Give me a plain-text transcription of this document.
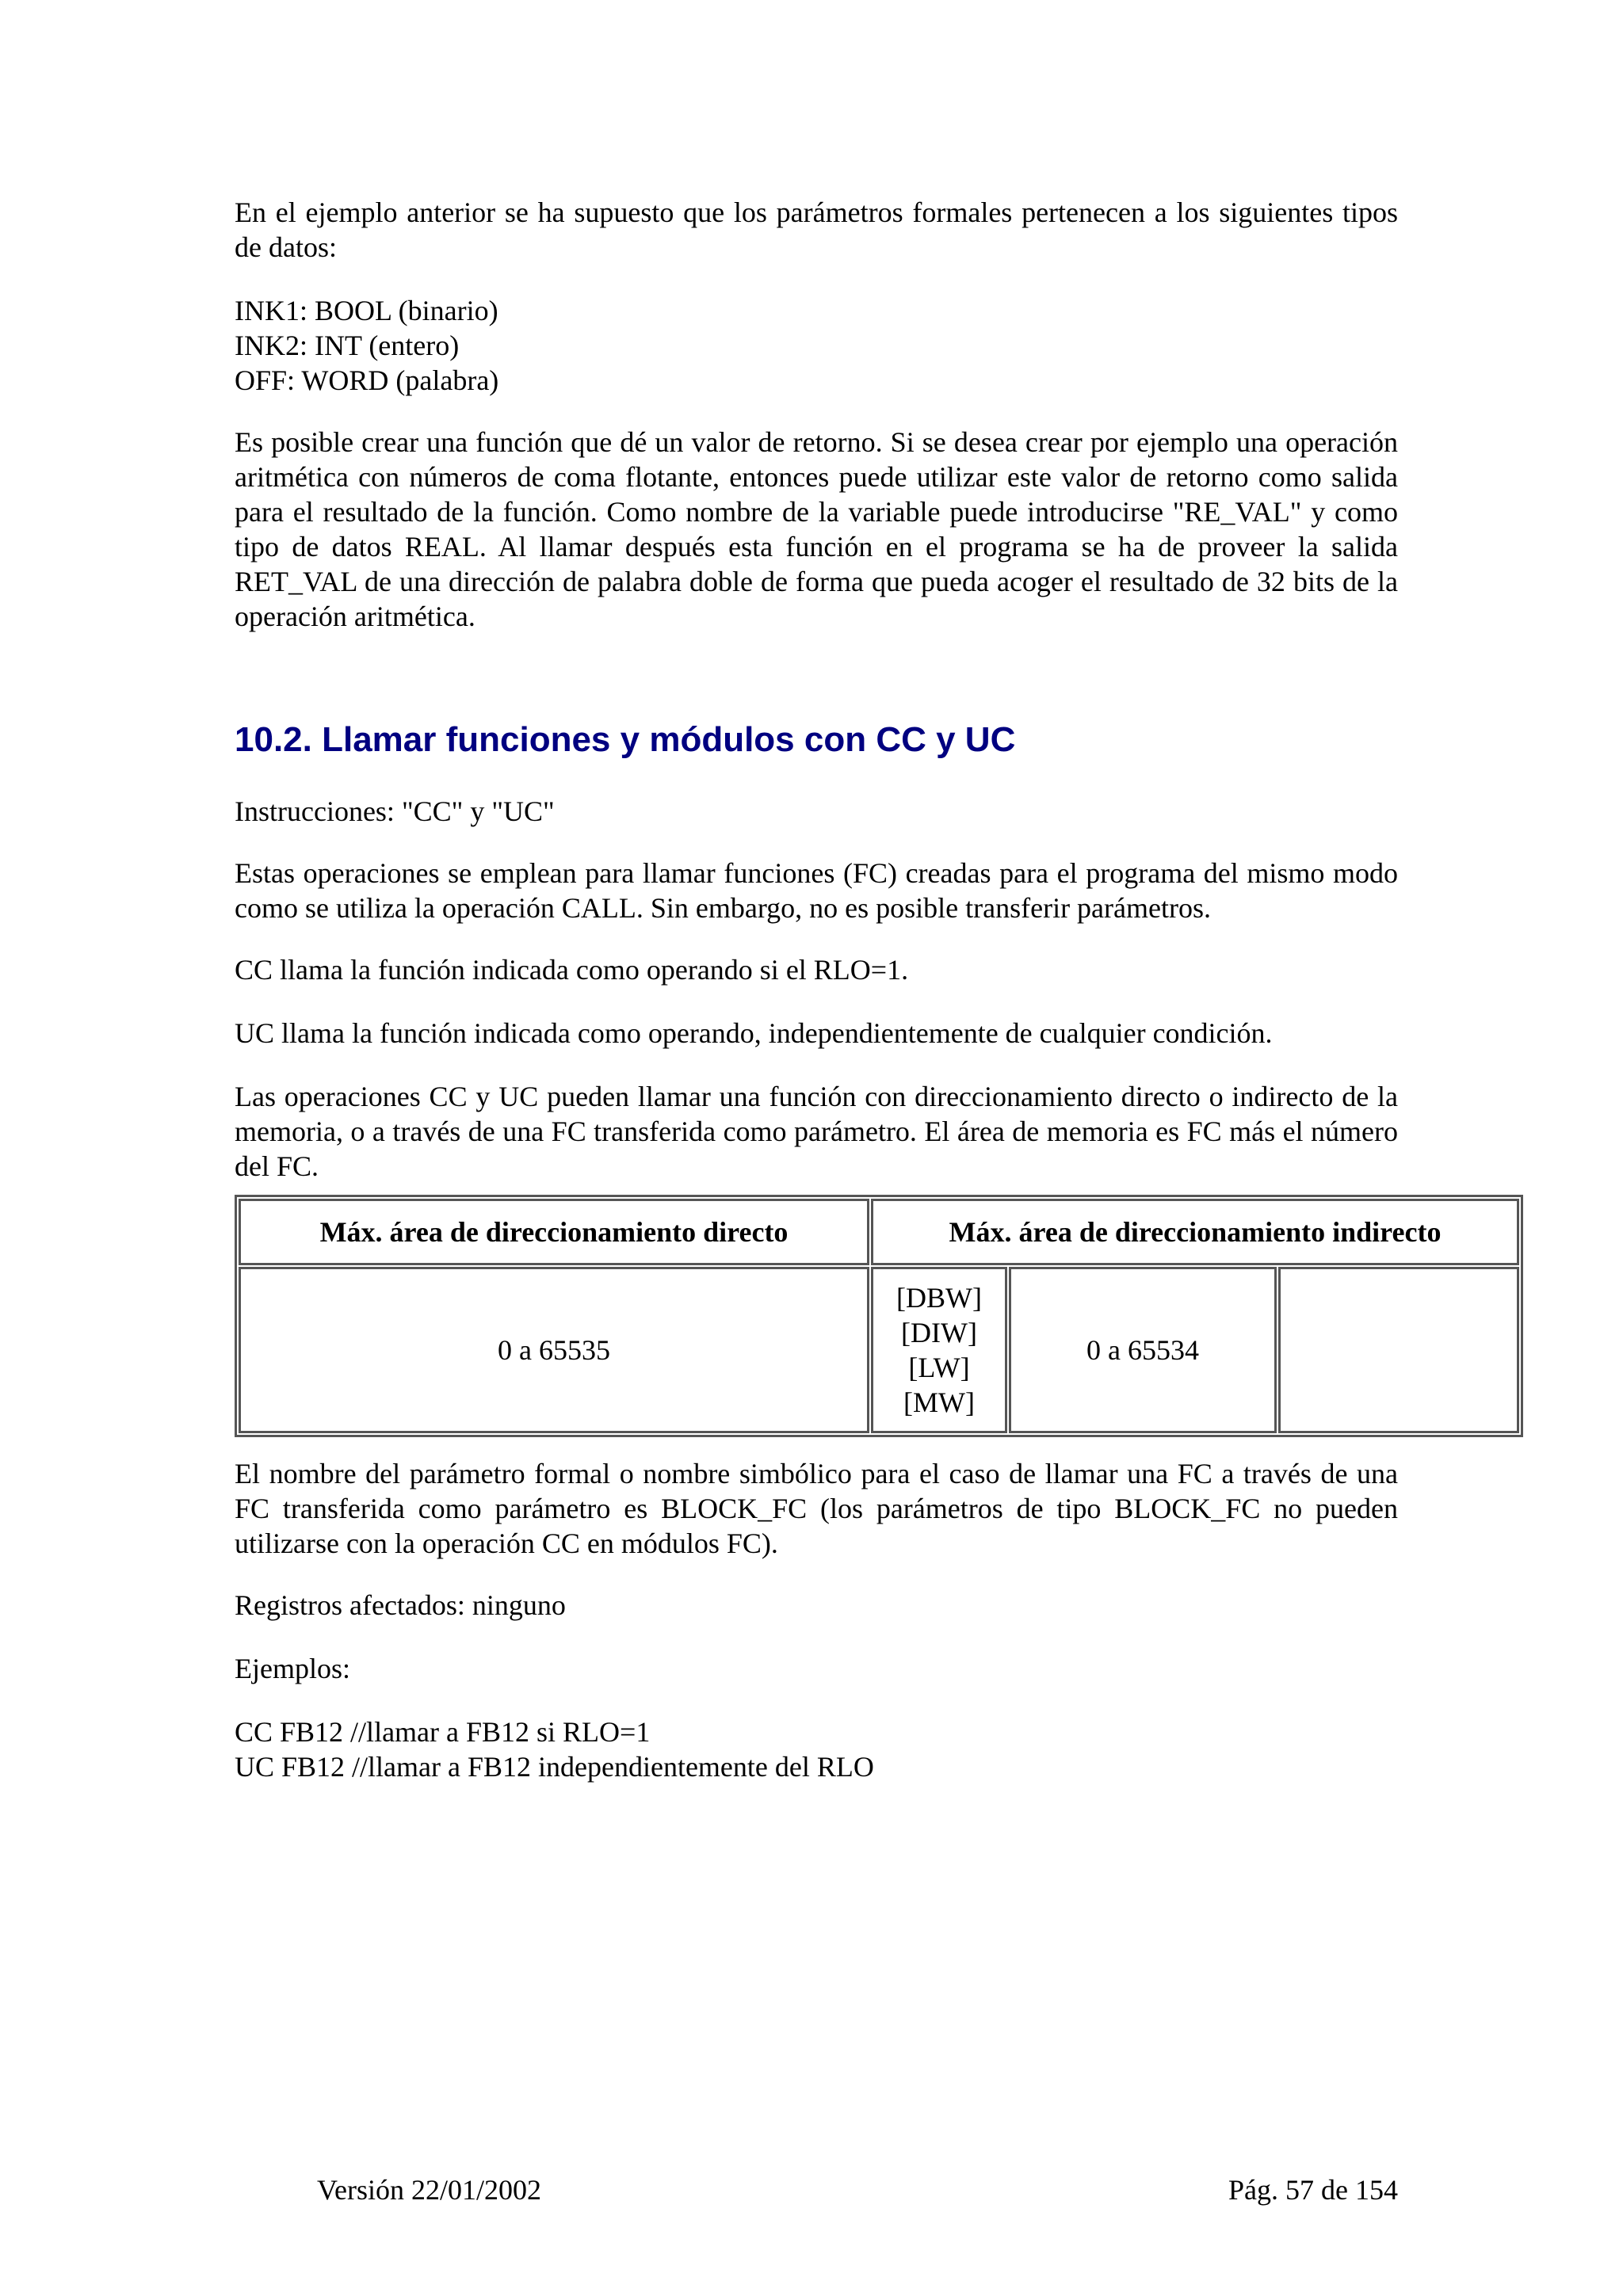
En el ejemplo anterior se ha supuesto que los parámetros formales pertenecen a los siguientes tipos de datos:

INK1: BOOL (binario)

INK2: INT (entero)

OFF: WORD (palabra)

Es posible crear una función que dé un valor de retorno. Si se desea crear por ejemplo una operación aritmética con números de coma flotante, entonces puede utilizar este valor de retorno como salida para el resultado de la función. Como nombre de la variable puede introducirse "RE_VAL" y como tipo de datos REAL. Al llamar después esta función en el programa se ha de proveer la salida RET_VAL de una dirección de palabra doble de forma que pueda acoger el resultado de 32 bits de la operación aritmética.

10.2. Llamar funciones y módulos con CC y UC

Instrucciones: "CC" y "UC"

Estas operaciones se emplean para llamar funciones (FC) creadas para el programa del mismo modo como se utiliza la operación CALL. Sin embargo, no es posible transferir parámetros.

CC llama la función indicada como operando si el RLO=1.

UC llama la función indicada como operando, independientemente de cualquier condición.

Las operaciones CC y UC pueden llamar una función con direccionamiento directo o indirecto de la memoria, o a través de una FC transferida como parámetro. El área de memoria es FC más el número del FC.

Máx. área de direccionamiento directo	Máx. área de direccionamiento indirecto		
0 a 65535	[DBW]
[DIW]
[LW]
[MW]	0 a 65534	

El nombre del parámetro formal o nombre simbólico para el caso de llamar una FC a través de una FC transferida como parámetro es BLOCK_FC (los parámetros de tipo BLOCK_FC no pueden utilizarse con la operación CC en módulos FC).

Registros afectados: ninguno

Ejemplos:

CC FB12 //llamar a FB12 si RLO=1

UC FB12 //llamar a FB12 independientemente del RLO

Versión 22/01/2002	Pág. 57 de 154
